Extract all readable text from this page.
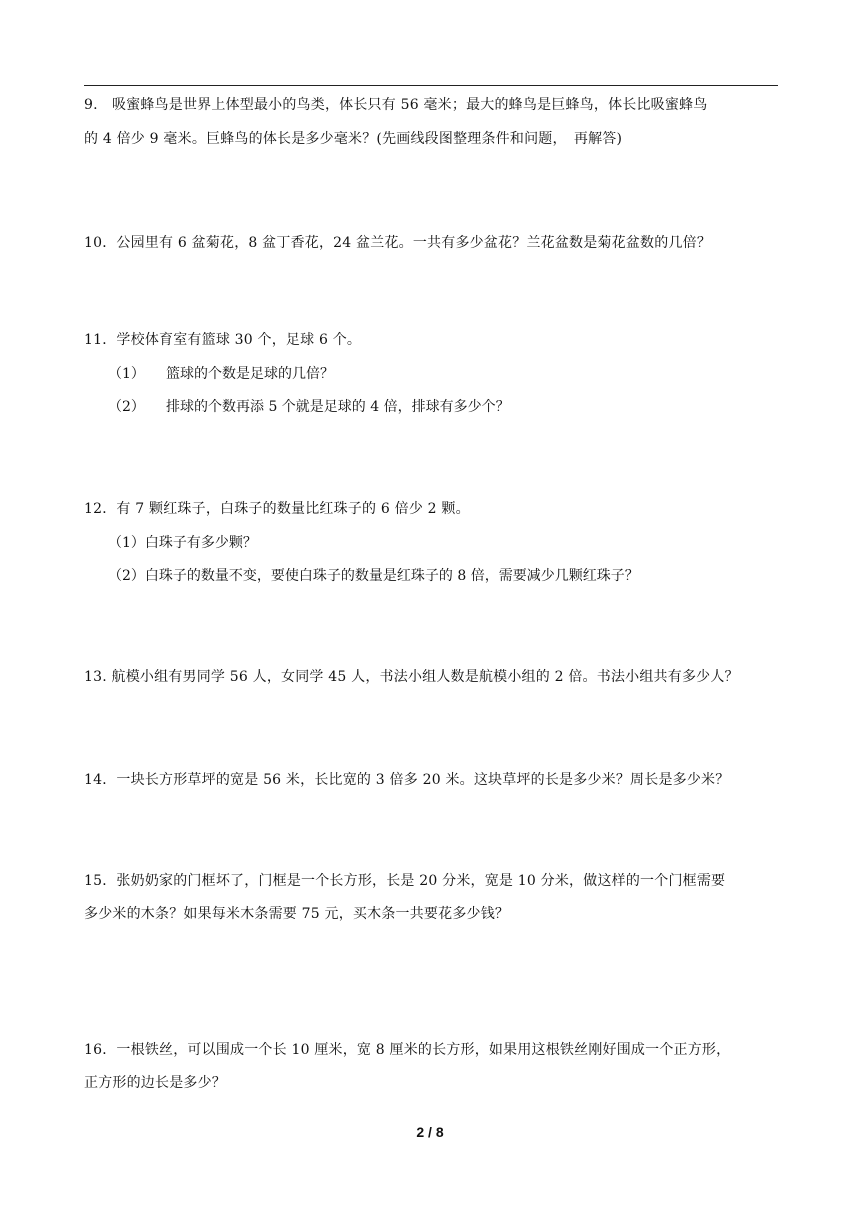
9.　吸蜜蜂鸟是世界上体型最小的鸟类，体长只有 56 毫米；最大的蜂鸟是巨蜂鸟，体长比吸蜜蜂鸟
的 4 倍少 9 毫米。巨蜂鸟的体长是多少毫米？(先画线段图整理条件和问题，　再解答)
10．公园里有 6 盆菊花，8 盆丁香花，24 盆兰花。一共有多少盆花？兰花盆数是菊花盆数的几倍？
11．学校体育室有篮球 30 个，足球 6 个。
（1） 篮球的个数是足球的几倍？
（2） 排球的个数再添 5 个就是足球的 4 倍，排球有多少个？
12．有 7 颗红珠子，白珠子的数量比红珠子的 6 倍少 2 颗。
（1）白珠子有多少颗？
（2）白珠子的数量不变，要使白珠子的数量是红珠子的 8 倍，需要减少几颗红珠子？
13. 航模小组有男同学 56 人，女同学 45 人，书法小组人数是航模小组的 2 倍。书法小组共有多少人？
14．一块长方形草坪的宽是 56 米，长比宽的 3 倍多 20 米。这块草坪的长是多少米？周长是多少米？
15．张奶奶家的门框坏了，门框是一个长方形，长是 20 分米，宽是 10 分米，做这样的一个门框需要
多少米的木条？如果每米木条需要 75 元，买木条一共要花多少钱？
16．一根铁丝，可以围成一个长 10 厘米，宽 8 厘米的长方形，如果用这根铁丝刚好围成一个正方形，
正方形的边长是多少？
2 / 8
